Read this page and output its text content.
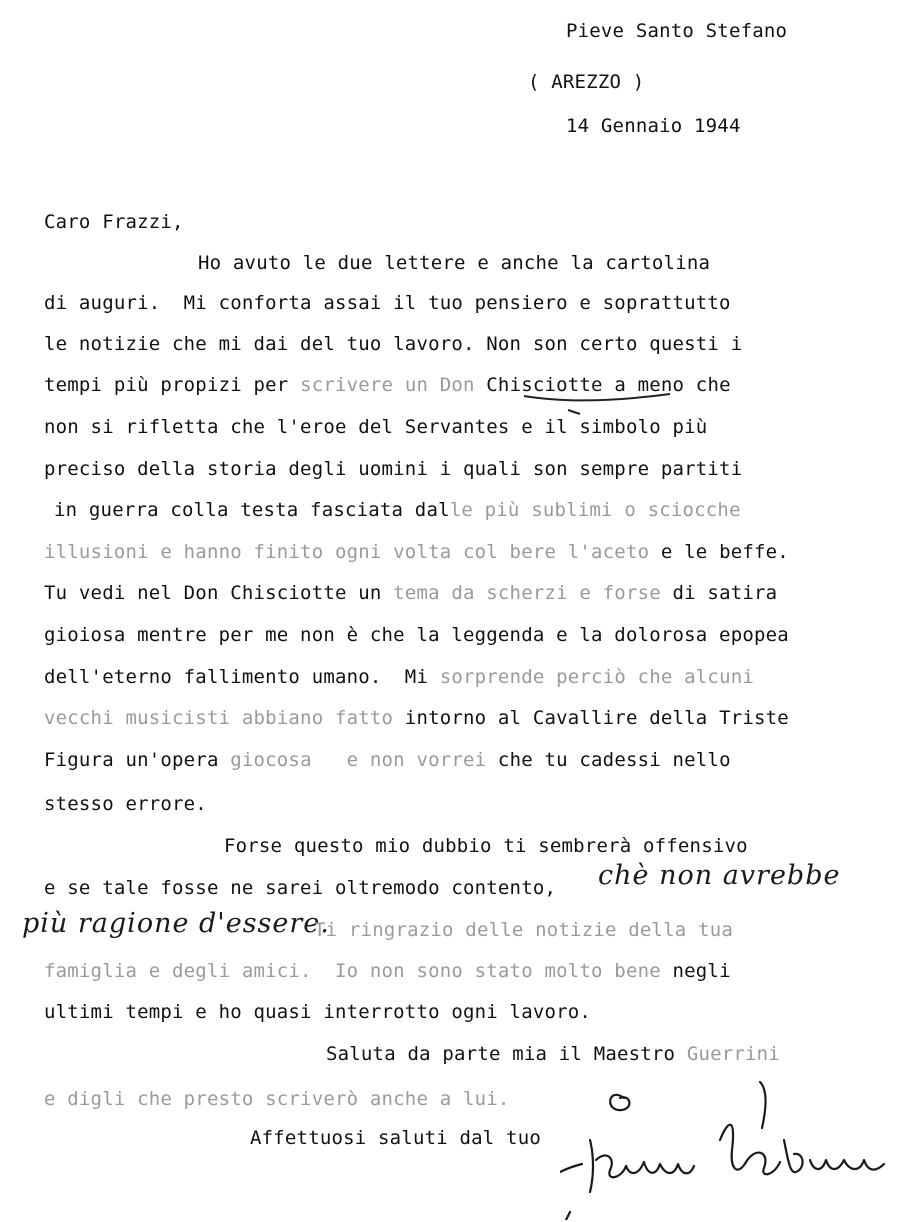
Pieve Santo Stefano
( AREZZO )
14 Gennaio 1944
Caro Frazzi,
Ho avuto le due lettere e anche la cartolina
di auguri.  Mi conforta assai il tuo pensiero e soprattutto
le notizie che mi dai del tuo lavoro. Non son certo questi i
tempi più propizi per scrivere un Don Chisciotte a meno che
non si rifletta che l'eroe del Servantes e il simbolo più
preciso della storia degli uomini i quali son sempre partiti
in guerra colla testa fasciata dalle più sublimi o sciocche
illusioni e hanno finito ogni volta col bere l'aceto e le beffe.
Tu vedi nel Don Chisciotte un tema da scherzi e forse di satira
gioiosa mentre per me non è che la leggenda e la dolorosa epopea
dell'eterno fallimento umano.  Mi sorprende perciò che alcuni
vecchi musicisti abbiano fatto intorno al Cavallire della Triste
Figura un'opera giocosa   e non vorrei che tu cadessi nello
stesso errore.
Forse questo mio dubbio ti sembrerà offensivo
e se tale fosse ne sarei oltremodo contento, chè non avrebbe
più ragione d'essere.
Ti ringrazio delle notizie della tua
famiglia e degli amici.  Io non sono stato molto bene negli
ultimi tempi e ho quasi interrotto ogni lavoro.
Saluta da parte mia il Maestro Guerrini
e digli che presto scriverò anche a lui.
Affettuosi saluti dal tuo
